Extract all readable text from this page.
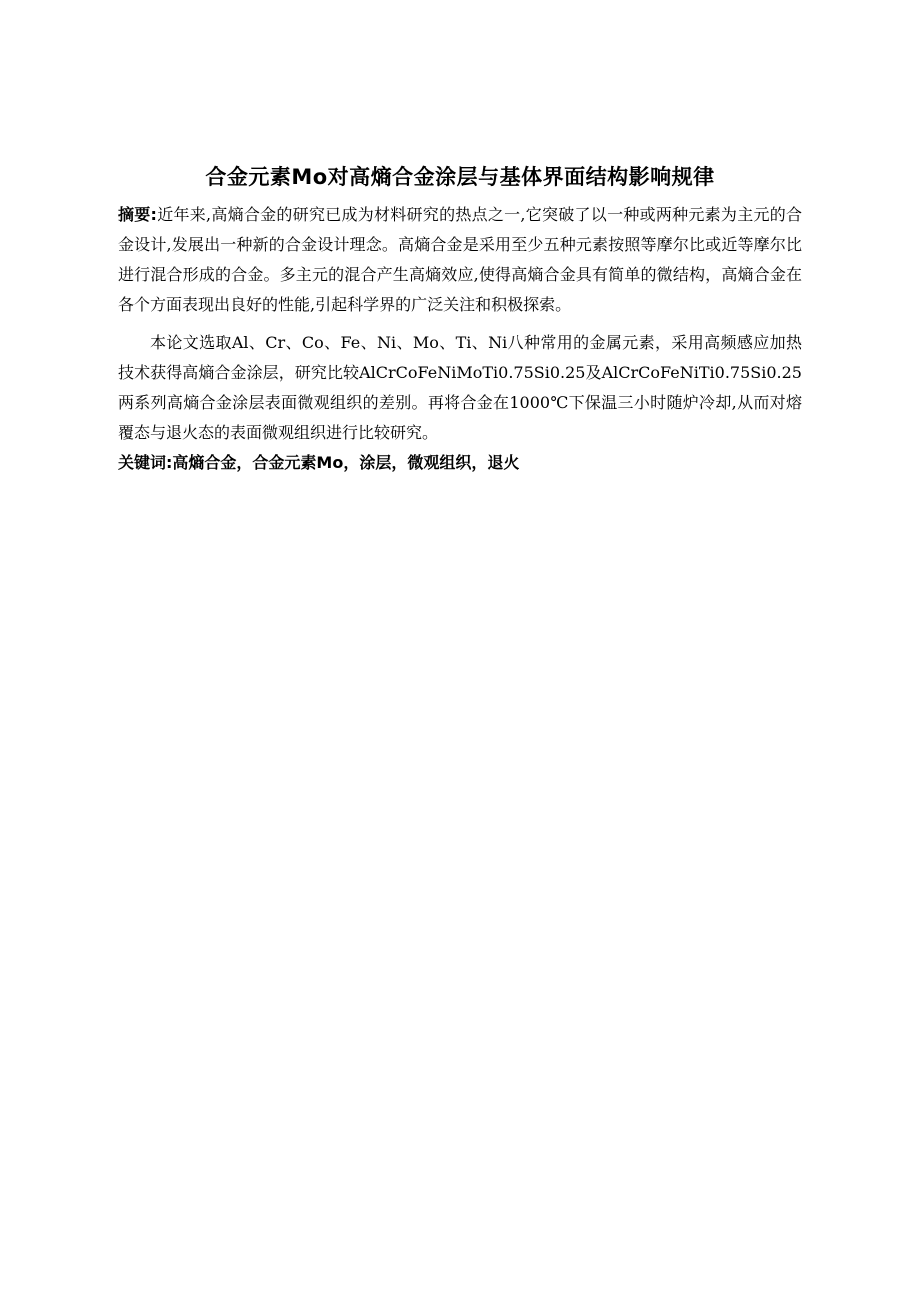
合金元素Mo对高熵合金涂层与基体界面结构影响规律

摘要:近年来,高熵合金的研究已成为材料研究的热点之一,它突破了以一种或两种元素为主元的合金设计,发展出一种新的合金设计理念。高熵合金是采用至少五种元素按照等摩尔比或近等摩尔比进行混合形成的合金。多主元的混合产生高熵效应,使得高熵合金具有简单的微结构，高熵合金在各个方面表现出良好的性能,引起科学界的广泛关注和积极探索。

本论文选取Al、Cr、Co、Fe、Ni、Mo、Ti、Ni八种常用的金属元素，采用高频感应加热技术获得高熵合金涂层，研究比较AlCrCoFeNiMoTi0.75Si0.25及AlCrCoFeNiTi0.75Si0.25两系列高熵合金涂层表面微观组织的差别。再将合金在1000℃下保温三小时随炉冷却,从而对熔覆态与退火态的表面微观组织进行比较研究。

关键词:高熵合金，合金元素Mo，涂层，微观组织，退火
